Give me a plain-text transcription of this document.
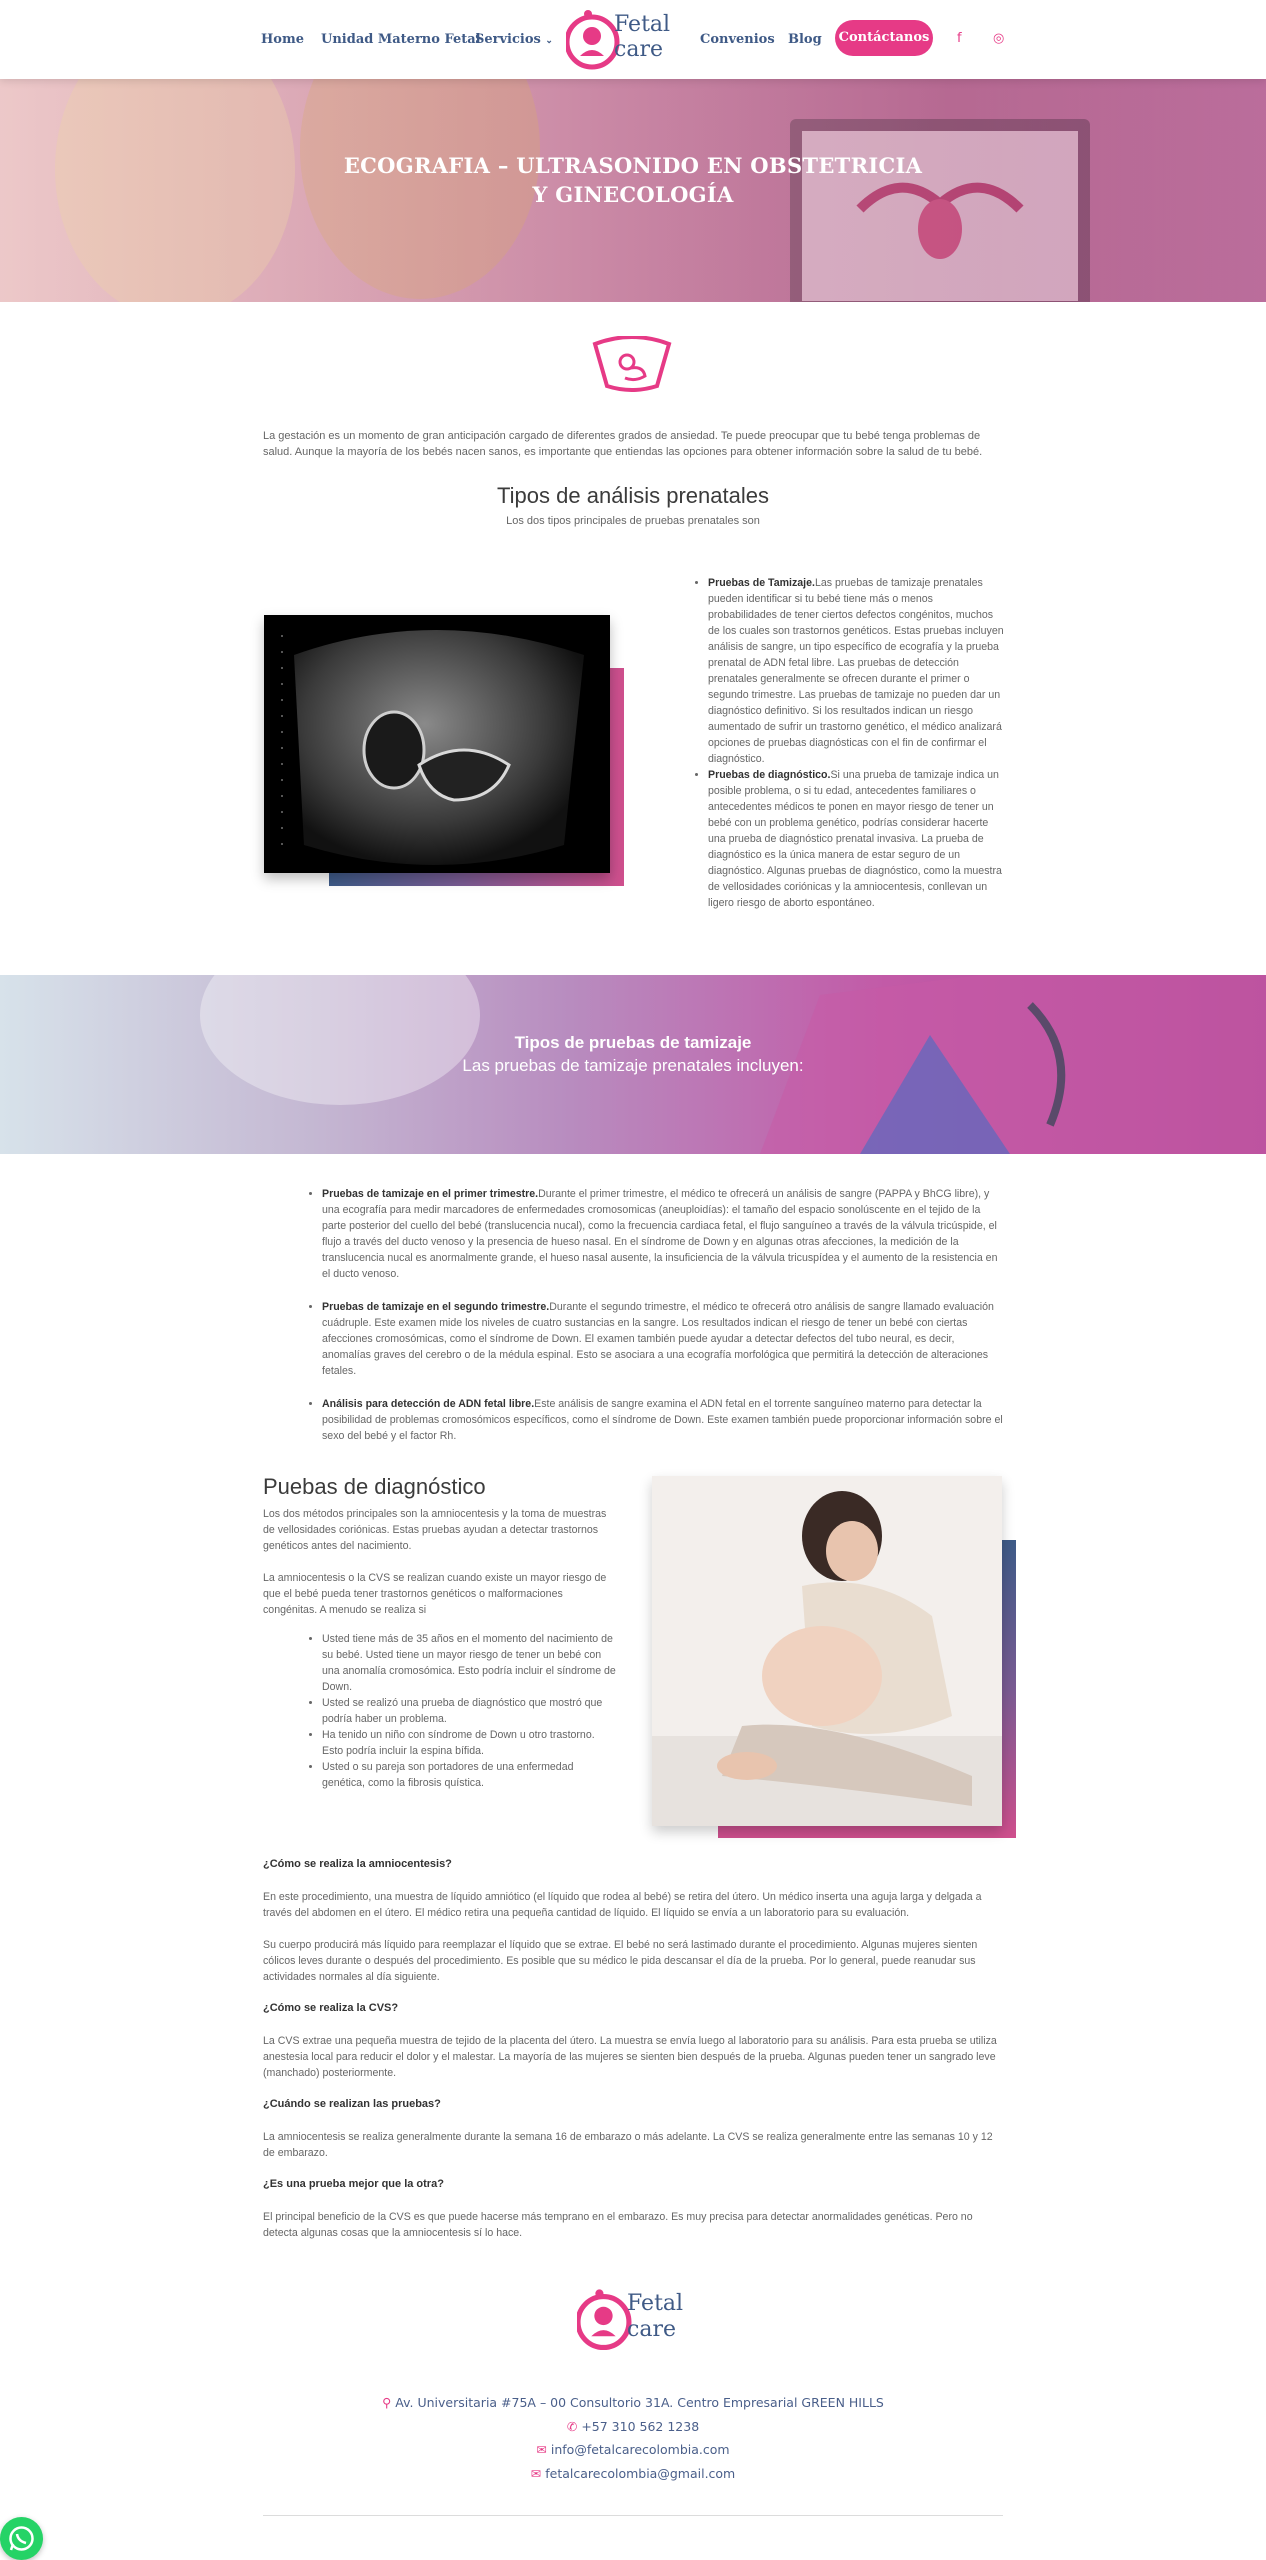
Home Unidad Materno Fetal
Servicios ⌄
Fetal
care	Convenios Blog Contáctanos f ◎
ECOGRAFIA – ULTRASONIDO EN OBSTETRICIA Y GINECOLOGÍA

La gestación es un momento de gran anticipación cargado de diferentes grados de ansiedad. Te puede preocupar que tu bebé tenga problemas de salud. Aunque la mayoría de los bebés nacen sanos, es importante que entiendas las opciones para obtener información sobre la salud de tu bebé.

Tipos de análisis prenatales
Los dos tipos principales de pruebas prenatales son
• Pruebas de Tamizaje.Las pruebas de tamizaje prenatales pueden identificar si tu bebé tiene más o menos probabilidades de tener ciertos defectos congénitos, muchos de los cuales son trastornos genéticos. Estas pruebas incluyen análisis de sangre, un tipo específico de ecografía y la prueba prenatal de ADN fetal libre. Las pruebas de detección prenatales generalmente se ofrecen durante el primer o segundo trimestre. Las pruebas de tamizaje no pueden dar un diagnóstico definitivo. Si los resultados indican un riesgo aumentado de sufrir un trastorno genético, el médico analizará opciones de pruebas diagnósticas con el fin de confirmar el diagnóstico.
• Pruebas de diagnóstico.Si una prueba de tamizaje indica un posible problema, o si tu edad, antecedentes familiares o antecedentes médicos te ponen en mayor riesgo de tener un bebé con un problema genético, podrías considerar hacerte una prueba de diagnóstico prenatal invasiva. La prueba de diagnóstico es la única manera de estar seguro de un diagnóstico. Algunas pruebas de diagnóstico, como la muestra de vellosidades coriónicas y la amniocentesis, conllevan un ligero riesgo de aborto espontáneo.
Tipos de pruebas de tamizaje
Las pruebas de tamizaje prenatales incluyen:
• Pruebas de tamizaje en el primer trimestre.Durante el primer trimestre, el médico te ofrecerá un análisis de sangre (PAPPA y BhCG libre), y una ecografía para medir marcadores de enfermedades cromosomicas (aneuploidías): el tamaño del espacio sonolúscente en el tejido de la parte posterior del cuello del bebé (translucencia nucal), como la frecuencia cardiaca fetal, el flujo sanguíneo a través de la válvula tricúspide, el flujo a través del ducto venoso y la presencia de hueso nasal. En el síndrome de Down y en algunas otras afecciones, la medición de la translucencia nucal es anormalmente grande, el hueso nasal ausente, la insuficiencia de la válvula tricuspídea y el aumento de la resistencia en el ducto venoso.
• Pruebas de tamizaje en el segundo trimestre.Durante el segundo trimestre, el médico te ofrecerá otro análisis de sangre llamado evaluación cuádruple. Este examen mide los niveles de cuatro sustancias en la sangre. Los resultados indican el riesgo de tener un bebé con ciertas afecciones cromosómicas, como el síndrome de Down. El examen también puede ayudar a detectar defectos del tubo neural, es decir, anomalías graves del cerebro o de la médula espinal. Esto se asociara a una ecografía morfológica que permitirá la detección de alteraciones fetales.
• Análisis para detección de ADN fetal libre.Este análisis de sangre examina el ADN fetal en el torrente sanguíneo materno para detectar la posibilidad de problemas cromosómicos específicos, como el síndrome de Down. Este examen también puede proporcionar información sobre el sexo del bebé y el factor Rh.
Puebas de diagnóstico

Los dos métodos principales son la amniocentesis y la toma de muestras de vellosidades coriónicas. Estas pruebas ayudan a detectar trastornos genéticos antes del nacimiento.

La amniocentesis o la CVS se realizan cuando existe un mayor riesgo de que el bebé pueda tener trastornos genéticos o malformaciones congénitas. A menudo se realiza si

• Usted tiene más de 35 años en el momento del nacimiento de su bebé. Usted tiene un mayor riesgo de tener un bebé con una anomalía cromosómica. Esto podría incluir el síndrome de Down.
• Usted se realizó una prueba de diagnóstico que mostró que podría haber un problema.
• Ha tenido un niño con síndrome de Down u otro trastorno. Esto podría incluir la espina bífida.
• Usted o su pareja son portadores de una enfermedad genética, como la fibrosis quística.
¿Cómo se realiza la amniocentesis?

En este procedimiento, una muestra de líquido amniótico (el líquido que rodea al bebé) se retira del útero. Un médico inserta una aguja larga y delgada a través del abdomen en el útero. El médico retira una pequeña cantidad de líquido. El líquido se envía a un laboratorio para su evaluación.

Su cuerpo producirá más líquido para reemplazar el líquido que se extrae. El bebé no será lastimado durante el procedimiento. Algunas mujeres sienten cólicos leves durante o después del procedimiento. Es posible que su médico le pida descansar el día de la prueba. Por lo general, puede reanudar sus actividades normales al día siguiente.

¿Cómo se realiza la CVS?

La CVS extrae una pequeña muestra de tejido de la placenta del útero. La muestra se envía luego al laboratorio para su análisis. Para esta prueba se utiliza anestesia local para reducir el dolor y el malestar. La mayoría de las mujeres se sienten bien después de la prueba. Algunas pueden tener un sangrado leve (manchado) posteriormente.

¿Cuándo se realizan las pruebas?

La amniocentesis se realiza generalmente durante la semana 16 de embarazo o más adelante. La CVS se realiza generalmente entre las semanas 10 y 12 de embarazo.

¿Es una prueba mejor que la otra?

El principal beneficio de la CVS es que puede hacerse más temprano en el embarazo. Es muy precisa para detectar anormalidades genéticas. Pero no detecta algunas cosas que la amniocentesis sí lo hace.

Fetal
care
⚲ Av. Universitaria #75A – 00 Consultorio 31A. Centro Empresarial GREEN HILLS
✆ +57 310 562 1238
✉ info@fetalcarecolombia.com
✉ fetalcarecolombia@gmail.com
